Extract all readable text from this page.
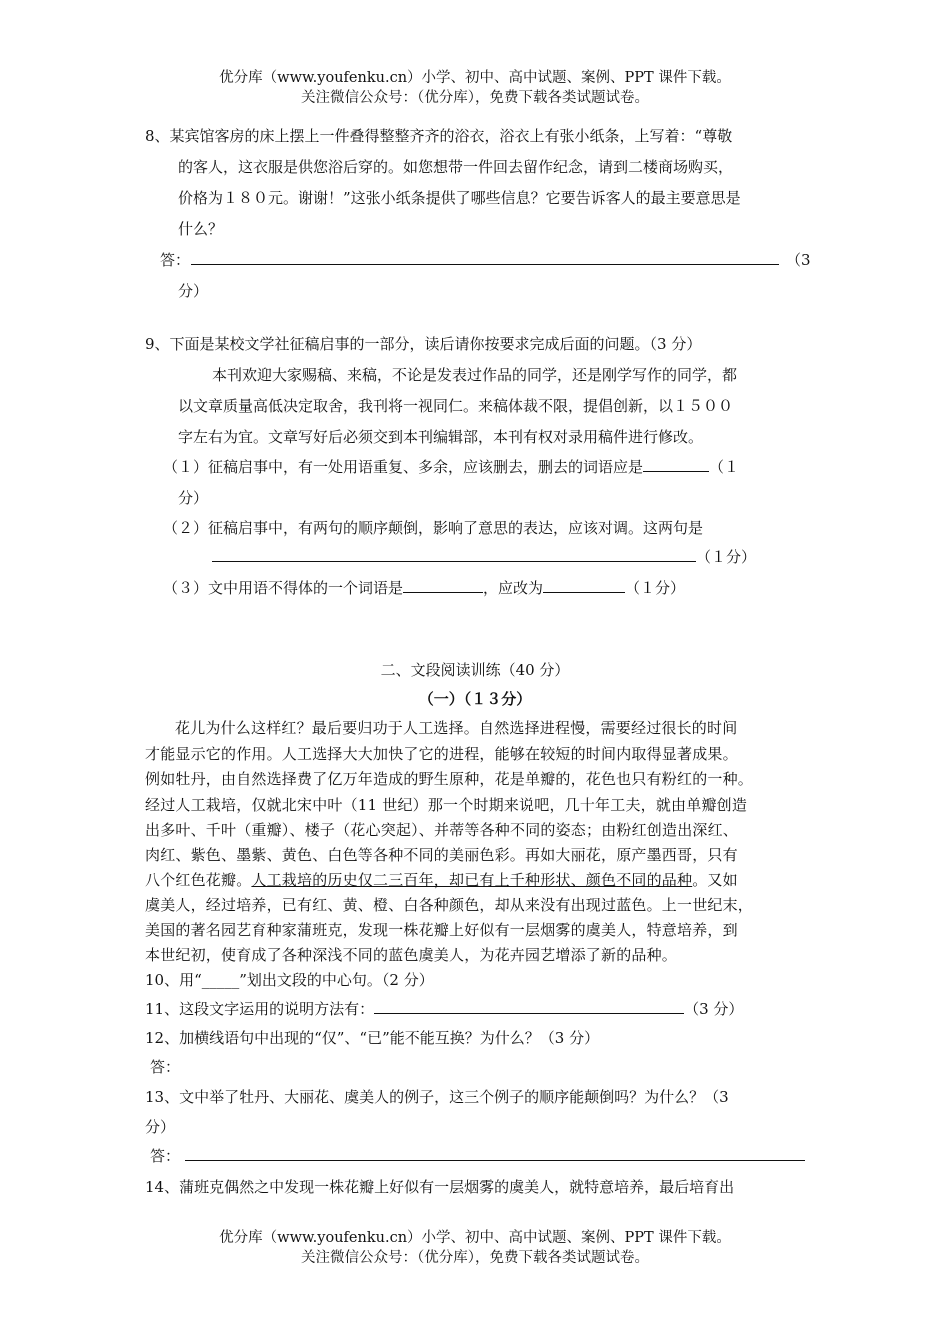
优分库（www.youfenku.cn）小学、初中、高中试题、案例、PPT 课件下载。
关注微信公众号：（优分库），免费下载各类试题试卷。
8、某宾馆客房的床上摆上一件叠得整整齐齐的浴衣，浴衣上有张小纸条，上写着：“尊敬
的客人，这衣服是供您浴后穿的。如您想带一件回去留作纪念，请到二楼商场购买，
价格为１８０元。谢谢！”这张小纸条提供了哪些信息？它要告诉客人的最主要意思是
什么？
答：	（3
分）
9、下面是某校文学社征稿启事的一部分，读后请你按要求完成后面的问题。（3 分）
本刊欢迎大家赐稿、来稿，不论是发表过作品的同学，还是刚学写作的同学，都
以文章质量高低决定取舍，我刊将一视同仁。来稿体裁不限，提倡创新，以１５００
字左右为宜。文章写好后必须交到本刊编辑部，本刊有权对录用稿件进行修改。
（１）征稿启事中，有一处用语重复、多余，应该删去，删去的词语应是	（１
分）
（２）征稿启事中，有两句的顺序颠倒，影响了意思的表达，应该对调。这两句是
（１分）
（３）文中用语不得体的一个词语是	，应改为	（１分）
二、文段阅读训练（40 分）
（一）（１３分）
花儿为什么这样红？最后要归功于人工选择。自然选择进程慢，需要经过很长的时间
才能显示它的作用。人工选择大大加快了它的进程，能够在较短的时间内取得显著成果。
例如牡丹，由自然选择费了亿万年造成的野生原种，花是单瓣的，花色也只有粉红的一种。
经过人工栽培，仅就北宋中叶（11 世纪）那一个时期来说吧，几十年工夫，就由单瓣创造
出多叶、千叶（重瓣）、楼子（花心突起）、并蒂等各种不同的姿态；由粉红创造出深红、
肉红、紫色、墨紫、黄色、白色等各种不同的美丽色彩。再如大丽花，原产墨西哥，只有
八个红色花瓣。人工栽培的历史仅二三百年，却已有上千种形状、颜色不同的品种。又如
虞美人，经过培养，已有红、黄、橙、白各种颜色，却从来没有出现过蓝色。上一世纪末，
美国的著名园艺育种家蒲班克，发现一株花瓣上好似有一层烟雾的虞美人，特意培养，到
本世纪初，使育成了各种深浅不同的蓝色虞美人，为花卉园艺增添了新的品种。
10、用“_____”划出文段的中心句。（2 分）
11、这段文字运用的说明方法有：	（3 分）
12、加横线语句中出现的“仅”、“已”能不能互换？为什么？（3 分）
答：
13、文中举了牡丹、大丽花、虞美人的例子，这三个例子的顺序能颠倒吗？为什么？（3
分）
答：
14、蒲班克偶然之中发现一株花瓣上好似有一层烟雾的虞美人，就特意培养，最后培育出
优分库（www.youfenku.cn）小学、初中、高中试题、案例、PPT 课件下载。
关注微信公众号：（优分库），免费下载各类试题试卷。
